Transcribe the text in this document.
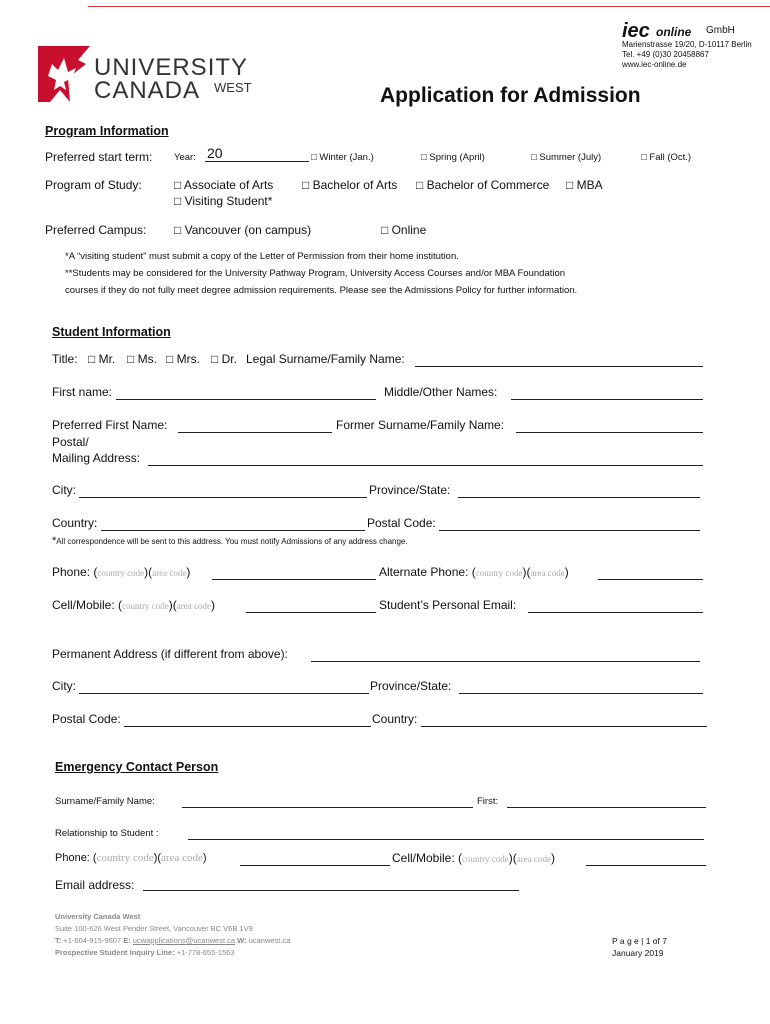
UNIVERSITY
CANADA WEST
iec online GmbH
Marienstrasse 19/20, D-10117 Berlin
Tel. +49 (0)30 20458867
www.iec-online.de
Application for Admission
Program Information
Preferred start term: Year: 20	□ Winter (Jan.)	□ Spring (April)	□ Summer (July)	□ Fall (Oct.)
Program of Study:	□ Associate of Arts □ Bachelor of Arts □ Bachelor of Commerce □ MBA
□ Visiting Student*
Preferred Campus: □ Vancouver (on campus)	□ Online
*A “visiting student” must submit a copy of the Letter of Permission from their home institution.
**Students may be considered for the University Pathway Program, University Access Courses and/or MBA Foundation
courses if they do not fully meet degree admission requirements. Please see the Admissions Policy for further information.
Student Information
Title: □ Mr. □ Ms. □ Mrs. □ Dr. Legal Surname/Family Name:
First name:	Middle/Other Names:
Preferred First Name:	Former Surname/Family Name:
Postal/
Mailing Address:
City:	Province/State:
Country:	Postal Code:
*All correspondence will be sent to this address. You must notify Admissions of any address change.
Phone: (country code)(area code)	Alternate Phone: (country code)(area code)
Cell/Mobile: (country code)(area code)	Student’s Personal Email:
Permanent Address (if different from above):
City:	Province/State:
Postal Code:	Country:
Emergency Contact Person
Surname/Family Name:	First:
Relationship to Student :
Phone: (country code)(area code)	Cell/Mobile: (country code)(area code)
Email address:
University Canada West
Suite 100-626 West Pender Street, Vancouver BC V6B 1V9
T: +1-604-915-9607 E: ucwapplications@ucanwest.ca W: ucanwest.ca
Prospective Student Inquiry Line: +1-778-655-1563
P a g e | 1 of 7
January 2019
